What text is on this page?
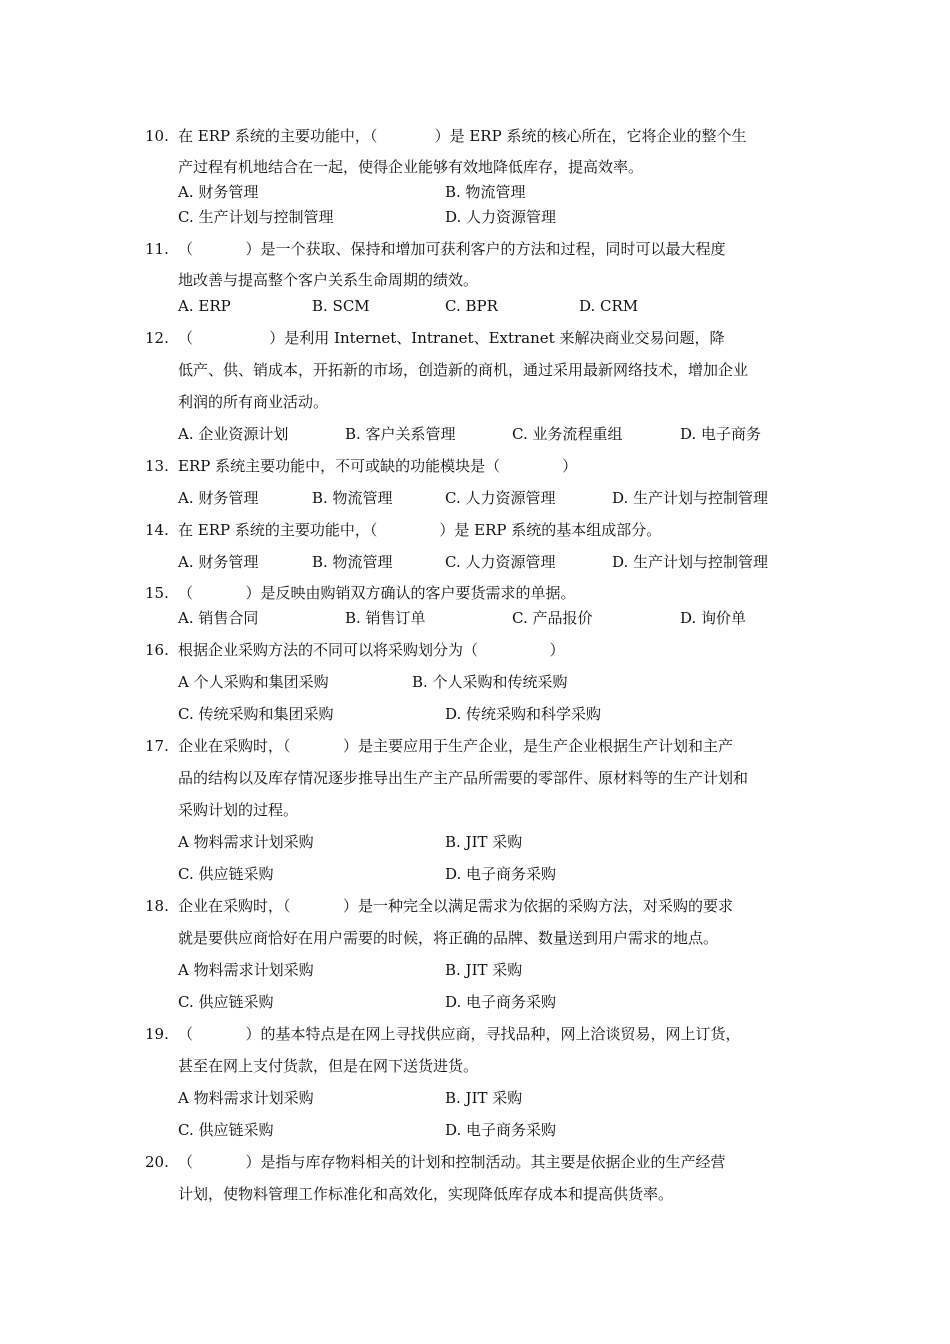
10. 在 ERP 系统的主要功能中，（            ）是 ERP 系统的核心所在，它将企业的整个生
产过程有机地结合在一起，使得企业能够有效地降低库存，提高效率。
A. 财务管理	B. 物流管理
C. 生产计划与控制管理	D. 人力资源管理
11. （           ）是一个获取、保持和增加可获利客户的方法和过程，同时可以最大程度
地改善与提高整个客户关系生命周期的绩效。
A. ERP	B. SCM	C. BPR	D. CRM
12. （                ）是利用 Internet、Intranet、Extranet 来解决商业交易问题，降
低产、供、销成本，开拓新的市场，创造新的商机，通过采用最新网络技术，增加企业
利润的所有商业活动。
A. 企业资源计划	B. 客户关系管理	C. 业务流程重组	D. 电子商务
13. ERP 系统主要功能中，不可或缺的功能模块是（             ）
A. 财务管理	B. 物流管理	C. 人力资源管理	D. 生产计划与控制管理
14. 在 ERP 系统的主要功能中，（             ）是 ERP 系统的基本组成部分。
A. 财务管理	B. 物流管理	C. 人力资源管理	D. 生产计划与控制管理
15. （           ）是反映由购销双方确认的客户要货需求的单据。
A. 销售合同	B. 销售订单	C. 产品报价	D. 询价单
16. 根据企业采购方法的不同可以将采购划分为（               ）
A 个人采购和集团采购	B. 个人采购和传统采购
C. 传统采购和集团采购	D. 传统采购和科学采购
17. 企业在采购时，（           ）是主要应用于生产企业，是生产企业根据生产计划和主产
品的结构以及库存情况逐步推导出生产主产品所需要的零部件、原材料等的生产计划和
采购计划的过程。
A 物料需求计划采购	B. JIT 采购
C. 供应链采购	D. 电子商务采购
18. 企业在采购时，（           ）是一种完全以满足需求为依据的采购方法，对采购的要求
就是要供应商恰好在用户需要的时候，将正确的品牌、数量送到用户需求的地点。
A 物料需求计划采购	B. JIT 采购
C. 供应链采购	D. 电子商务采购
19. （           ）的基本特点是在网上寻找供应商，寻找品种，网上洽谈贸易，网上订货，
甚至在网上支付货款，但是在网下送货进货。
A 物料需求计划采购	B. JIT 采购
C. 供应链采购	D. 电子商务采购
20. （           ）是指与库存物料相关的计划和控制活动。其主要是依据企业的生产经营
计划，使物料管理工作标准化和高效化，实现降低库存成本和提高供货率。
